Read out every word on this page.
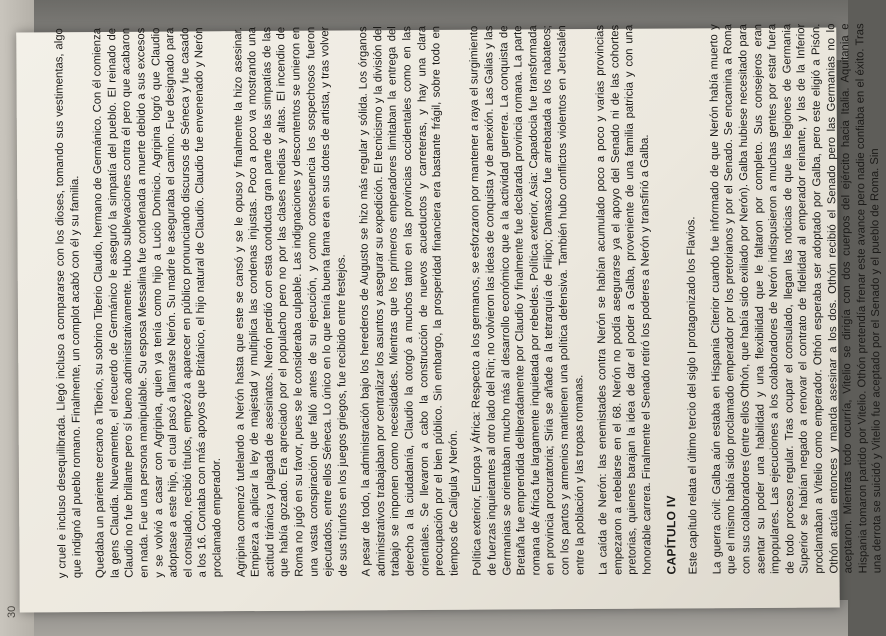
30

y cruel e incluso desequilibrada. Llegó incluso a compararse con los dioses, tomando sus vestimentas, algo que indignó al pueblo romano. Finalmente, un complot acabó con él y su familia. Quedaba un pariente cercano a Tiberio, su sobrino Tiberio Claudio, hermano de Germánico. Con él comienza la gens Claudia. Nuevamente, el recuerdo de Germánico le aseguró la simpatía del pueblo. El reinado de Claudio no fue brillante pero sí bueno administrativamente. Hubo sublevaciones contra él pero que acabaron en nada. Fue una persona manipulable. Su esposa Messalina fue condenada a muerte debido a sus excesos y se volvió a casar con Agripina, quien ya tenía como hijo a Lucio Domicio. Agripina logró que Claudio adoptase a este hijo, el cual pasó a llamarse Nerón. Su madre le aseguraba el camino. Fue designado para el consulado, recibió títulos, empezó a aparecer en público pronunciando discursos de Séneca y fue casado a los 16. Contaba con más apoyos que Británico, el hijo natural de Claudio. Claudio fue envenenado y Nerón proclamado emperador. Agripina comenzó tutelando a Nerón hasta que este se cansó y se le opuso y finalmente la hizo asesinar. Empieza a aplicar la ley de majestad y multiplica las condenas injustas. Poco a poco va mostrando una actitud tiránica y plagada de asesinatos. Nerón perdió con esta conducta gran parte de las simpatías de las que había gozado. Era apreciado por el populacho pero no por las clases medias y altas. El incendio de Roma no jugó en su favor, pues se le consideraba culpable. Las indignaciones y descontentos se unieron en una vasta conspiración que falló antes de su ejecución, y como consecuencia los sospechosos fueron ejecutados, entre ellos Séneca. Lo único en lo que tenía buena fama era en sus dotes de artista, y tras volver de sus triunfos en los juegos griegos, fue recibido entre festejos. A pesar de todo, la administración bajo los herederos de Augusto se hizo más regular y sólida. Los órganos administrativos trabajaban por centralizar los asuntos y asegurar su expedición. El tecnicismo y la división del trabajo se imponen como necesidades. Mientras que los primeros emperadores limitaban la entrega del derecho a la ciudadanía, Claudio la otorgó a muchos tanto en las provincias occidentales como en las orientales. Se llevaron a cabo la construcción de nuevos acueductos y carreteras, y hay una clara preocupación por el bien público. Sin embargo, la prosperidad financiera era bastante frágil, sobre todo en tiempos de Calígula y Nerón. Política exterior, Europa y África: Respecto a los germanos, se esforzaron por mantener a raya el surgimiento de fuerzas inquietantes al otro lado del Rin; no volvieron las ideas de conquista y de anexión. Las Galias y las Germanias se orientaban mucho más al desarrollo económico que a la actividad guerrera. La conquista de Bretaña fue emprendida deliberadamente por Claudio y finalmente fue declarada provincia romana. La parte romana de África fue largamente inquietada por rebeldes. Política exterior, Asia: Capadocia fue transformada en provincia procuratoria; Siria se añade a la tetrarquía de Filipo; Damasco fue arrebatada a los nabateos; con los partos y armenios mantienen una política defensiva. También hubo conflictos violentos en Jerusalén entre la población y las tropas romanas. La caída de Nerón: las enemistades contra Nerón se habían acumulado poco a poco y varias provincias empezaron a rebelarse en el 68. Nerón no podía asegurarse ya el apoyo del Senado ni de las cohortes pretorias, quienes barajan la idea de dar el poder a Galba, proveniente de una familia patricia y con una honorable carrera. Finalmente el Senado retiró los poderes a Nerón y transfirió a Galba. CAPÍTULO IV Este capítulo relata el último tercio del siglo I protagonizado los Flavios. La guerra civil: Galba aún estaba en Hispania Citerior cuando fue informado de que Nerón había muerto y que el mismo había sido proclamado emperador por los pretorianos y por el Senado. Se encamina a Roma con sus colaboradores (entre ellos Othón, que había sido exiliado por Nerón). Galba hubiese necesitado para asentar su poder una habilidad y una flexibilidad que le faltaron por completo. Sus consejeros eran impopulares. Las ejecuciones a los colaboradores de Nerón indispusieron a muchas gentes por estar fuera de todo proceso regular. Tras ocupar el consulado, llegan las noticias de que las legiones de Germania Superior se habían negado a renovar el contrato de fidelidad al emperador reinante, y las de la Inferior proclamaban a Vitelio como emperador. Othón esperaba ser adoptado por Galba, pero este eligió a Pisón. Othón actúa entonces y manda asesinar a los dos. Othón recibió el Senado pero las Germanias no lo aceptaron. Mientras todo ocurría, Vitelio se dirigía con dos cuerpos del ejército hacia Italia. Aquitania e Hispania tomaron partido por Vitelio. Othón pretendía frenar este avance pero nadie confiaba en el éxito. Tras una derrota se suicidó y Vitelio fue aceptado por el Senado y el pueblo de Roma. Sin
